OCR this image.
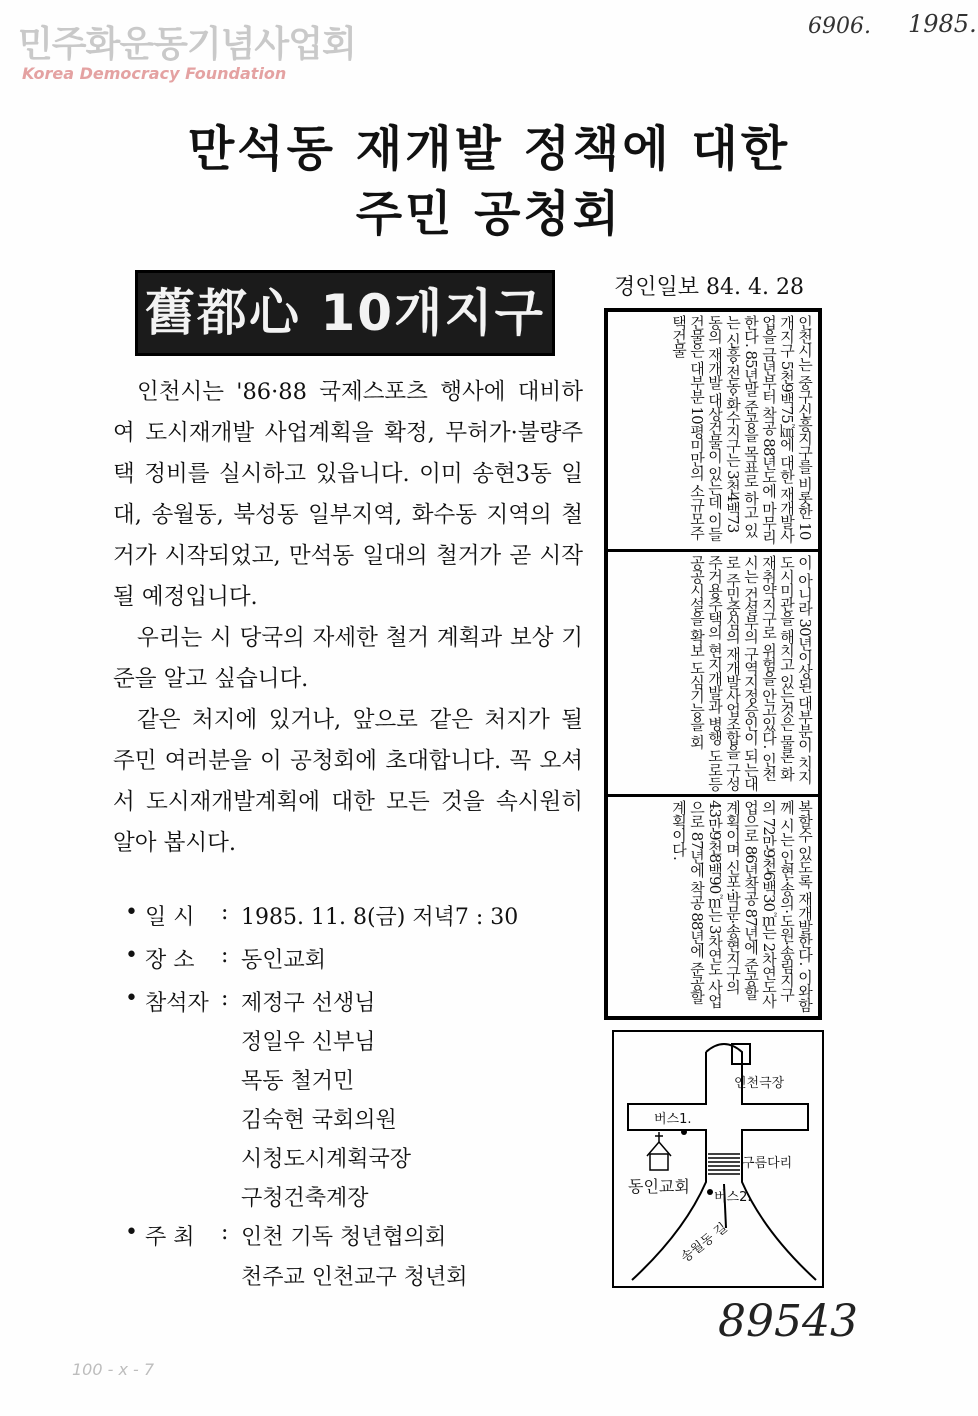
민주화운동기념사업회
Korea Democracy Foundation
6906. 1985.
만석동 재개발 정책에 대한
주민 공청회
舊都心 10개지구

인천시는 '86·88 국제스포츠 행사에 대비하여 도시재개발 사업계획을 확정, 무허가·불량주택 정비를 실시하고 있읍니다. 이미 송현3동 일대, 송월동, 북성동 일부지역, 화수동 지역의 철거가 시작되었고, 만석동 일대의 철거가 곧 시작 될 예정입니다.

우리는 시 당국의 자세한 철거 계획과 보상 기준을 알고 싶습니다.

같은 처지에 있거나, 앞으로 같은 처지가 될 주민 여러분을 이 공청회에 초대합니다. 꼭 오셔서 도시재개발계획에 대한 모든 것을 속시원히 알아 봅시다.

• 일 시 : 1985. 11. 8(금) 저녁7 : 30
• 장 소 : 동인교회
• 참석자 : 제정구 선생님
정일우 신부님
목동 철거민
김숙현 국회의원
시청도시계획국장
구청건축계장
• 주 최 : 인천 기독 청년협의회
천주교 인천교구 청년회
경인일보 84. 4. 28
인천시는 중구신흥지구를 비롯한 10개지구 5천9백75㎢에 대한 재개발사업을 금년부터 착공 88년도에 마무리한다. 85년말 준공을 목표로 하고 있는 신흥·전동·화수지구는 3천4백73동의 재개발 대상건물이 있는데 이들건물은 대부분 10평미만의 소규모주택건물
이 아니라 30년이상된 대부분이 치지 도시미관을 해치고 있는것은 물론 화재취약지구로 위험을 안고있다. 인천시는 건설부의 구역지정승인이 되는대로 주민중심의 재개발사업조합을 구성 주거용주택의 현지개발과 병행 도로등 공공시설을 확보 도심기능을 회
복할수 있도록 재개발한다. 이와함께 시는 인현·송의·도원·송림지구의 72만9천6백30㎡는 2차연도사업으로 86년착공 87년에 준공할 계획이며 신포·박문·송현지구의 43만9천8백90㎡는 3차연도 사업으로 87년에 착공 88년에 준공할 계획이다.
인천극장
버스1.
구름다리
동인교회
버스2.
송월동 길
89543
100 - x - 7
